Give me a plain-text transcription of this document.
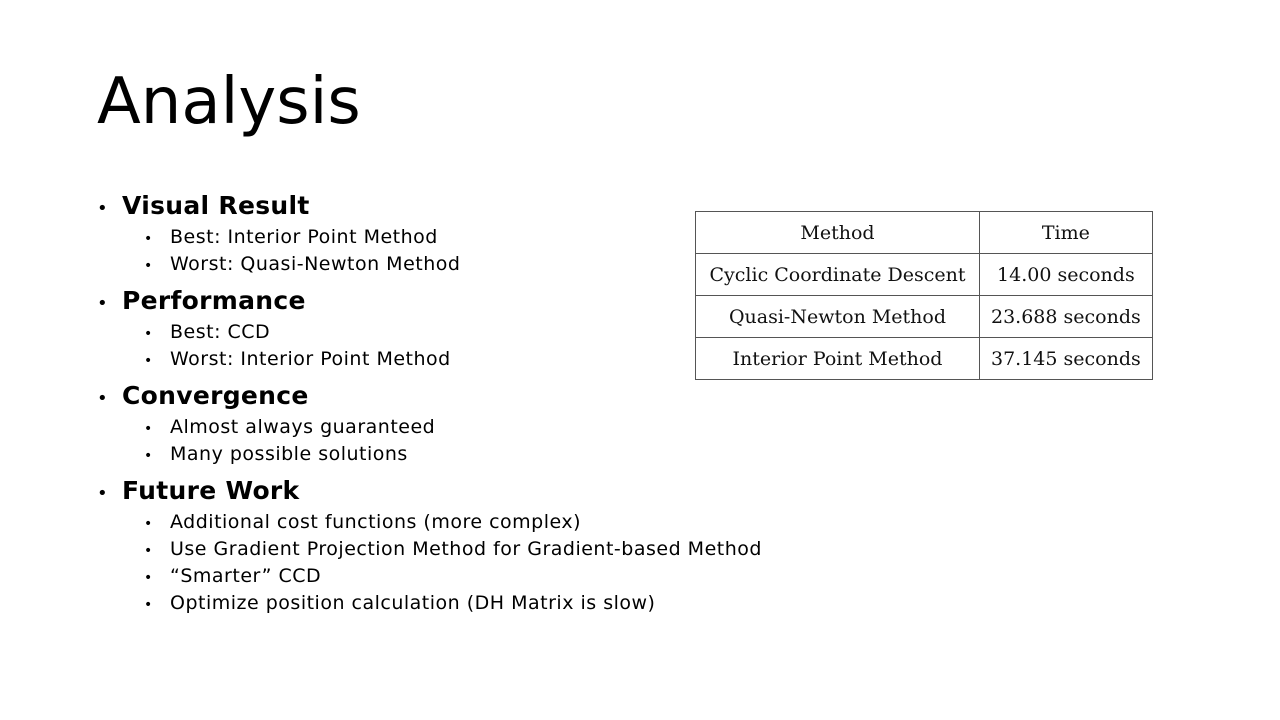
Analysis
• Visual Result
• Best: Interior Point Method
• Worst: Quasi-Newton Method
• Performance
• Best: CCD
• Worst: Interior Point Method
• Convergence
• Almost always guaranteed
• Many possible solutions
• Future Work
• Additional cost functions (more complex)
• Use Gradient Projection Method for Gradient-based Method
• “Smarter” CCD
• Optimize position calculation (DH Matrix is slow)
Method	Time
Cyclic Coordinate Descent	14.00 seconds
Quasi-Newton Method	23.688 seconds
Interior Point Method	37.145 seconds
